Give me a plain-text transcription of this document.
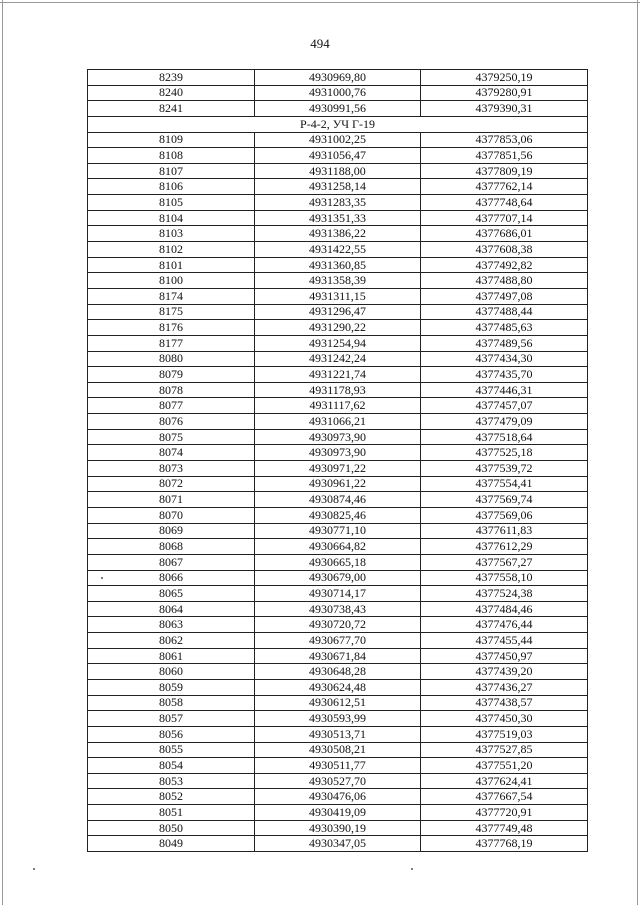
494
8239	4930969,80	4379250,19
8240	4931000,76	4379280,91
8241	4930991,56	4379390,31
Р-4-2, УЧ Г-19		
8109	4931002,25	4377853,06
8108	4931056,47	4377851,56
8107	4931188,00	4377809,19
8106	4931258,14	4377762,14
8105	4931283,35	4377748,64
8104	4931351,33	4377707,14
8103	4931386,22	4377686,01
8102	4931422,55	4377608,38
8101	4931360,85	4377492,82
8100	4931358,39	4377488,80
8174	4931311,15	4377497,08
8175	4931296,47	4377488,44
8176	4931290,22	4377485,63
8177	4931254,94	4377489,56
8080	4931242,24	4377434,30
8079	4931221,74	4377435,70
8078	4931178,93	4377446,31
8077	4931117,62	4377457,07
8076	4931066,21	4377479,09
8075	4930973,90	4377518,64
8074	4930973,90	4377525,18
8073	4930971,22	4377539,72
8072	4930961,22	4377554,41
8071	4930874,46	4377569,74
8070	4930825,46	4377569,06
8069	4930771,10	4377611,83
8068	4930664,82	4377612,29
8067	4930665,18	4377567,27
8066	4930679,00	4377558,10
8065	4930714,17	4377524,38
8064	4930738,43	4377484,46
8063	4930720,72	4377476,44
8062	4930677,70	4377455,44
8061	4930671,84	4377450,97
8060	4930648,28	4377439,20
8059	4930624,48	4377436,27
8058	4930612,51	4377438,57
8057	4930593,99	4377450,30
8056	4930513,71	4377519,03
8055	4930508,21	4377527,85
8054	4930511,77	4377551,20
8053	4930527,70	4377624,41
8052	4930476,06	4377667,54
8051	4930419,09	4377720,91
8050	4930390,19	4377749,48
8049	4930347,05	4377768,19
